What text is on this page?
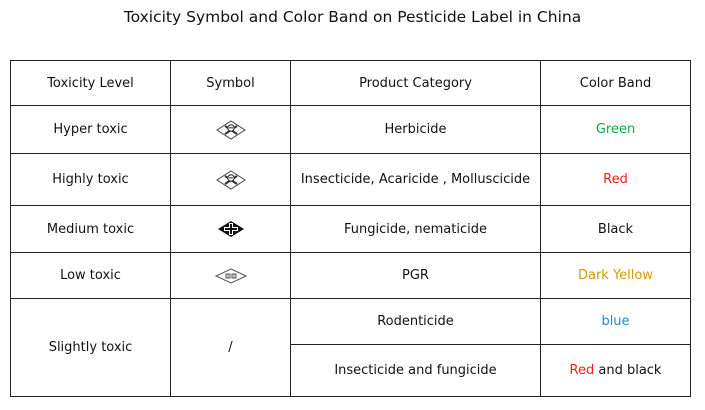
Toxicity Symbol and Color Band on Pesticide Label in China
Toxicity Level	Symbol	Product Category	Color Band
Hyper toxic		Herbicide	Green
Highly toxic		Insecticide, Acaricide , Molluscicide	Red
Medium toxic		Fungicide, nematicide	Black
Low toxic		PGR	Dark Yellow
Slightly toxic	/	Rodenticide	blue
		Insecticide and fungicide	Red and black
